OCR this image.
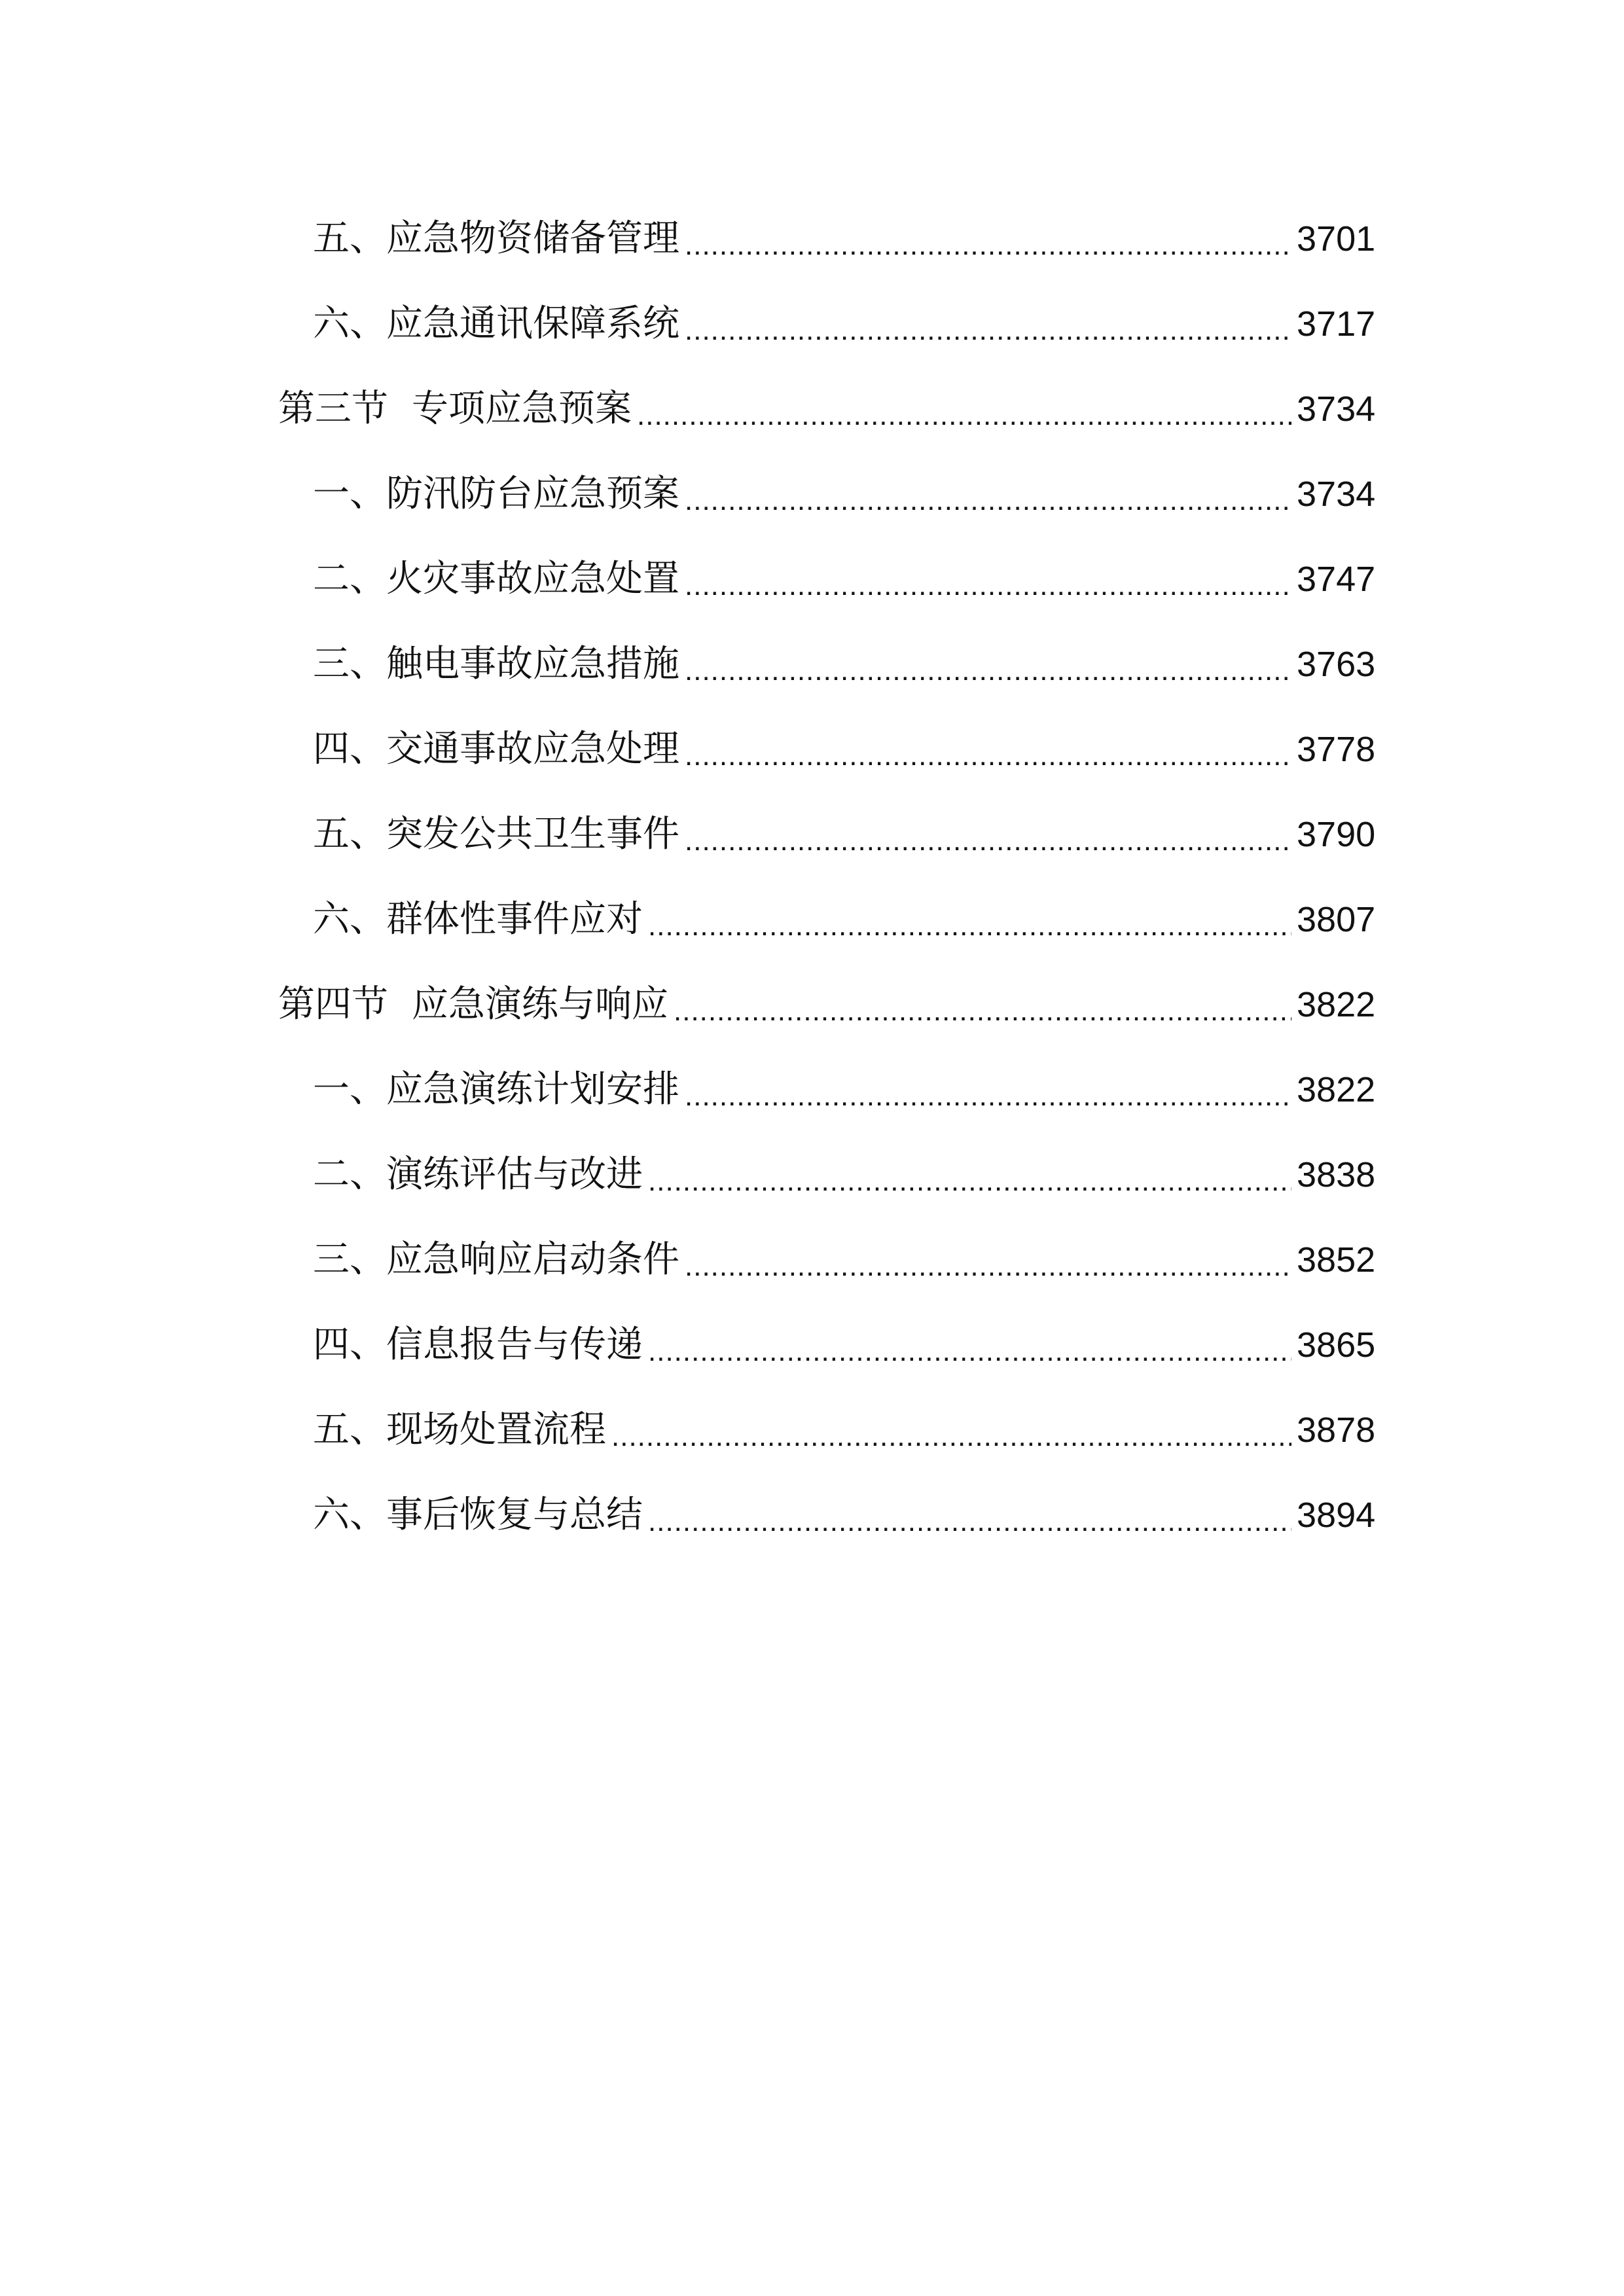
五、 应急物资储备管理 .....	3701
六、 应急通讯保障系统 .....	3717
第三节 专项应急预案 .....	3734
一、 防汛防台应急预案 .....	3734
二、 火灾事故应急处置 .....	3747
三、 触电事故应急措施 .....	3763
四、 交通事故应急处理 .....	3778
五、 突发公共卫生事件 .....	3790
六、 群体性事件应对 .....	3807
第四节 应急演练与响应 .....	3822
一、 应急演练计划安排 .....	3822
二、 演练评估与改进 .....	3838
三、 应急响应启动条件 .....	3852
四、 信息报告与传递 .....	3865
五、 现场处置流程 .....	3878
六、 事后恢复与总结 .....	3894
